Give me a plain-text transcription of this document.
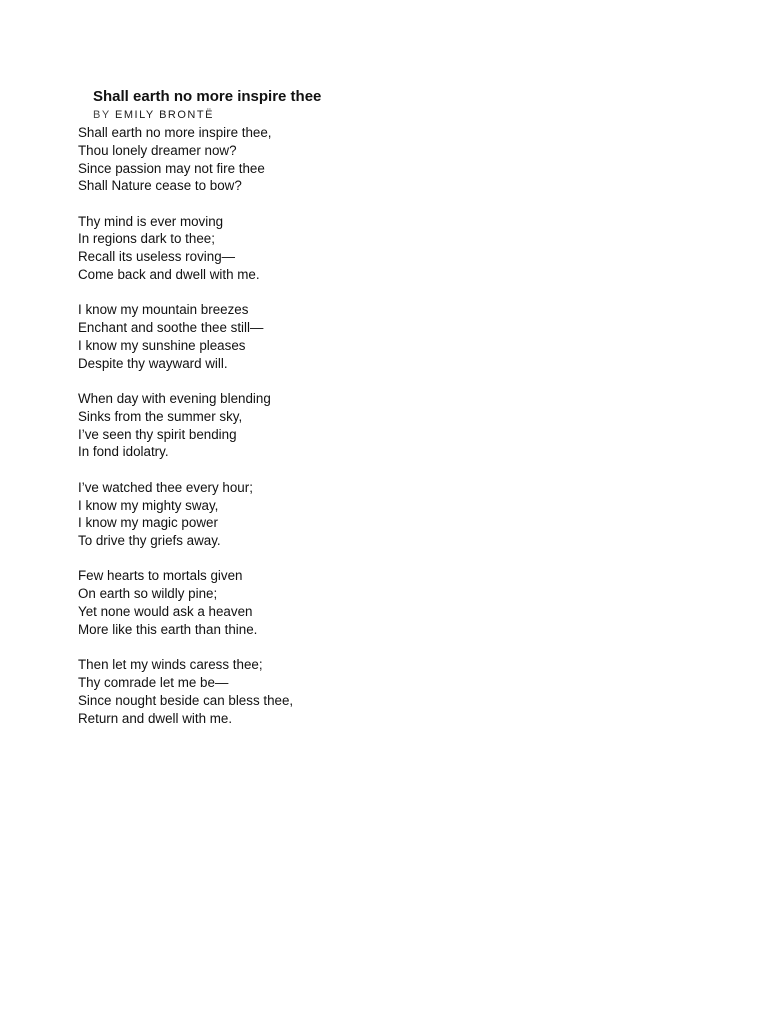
Shall earth no more inspire thee
BY EMILY BRONTË
Shall earth no more inspire thee,
Thou lonely dreamer now?
Since passion may not fire thee
Shall Nature cease to bow?
Thy mind is ever moving
In regions dark to thee;
Recall its useless roving—
Come back and dwell with me.
I know my mountain breezes
Enchant and soothe thee still—
I know my sunshine pleases
Despite thy wayward will.
When day with evening blending
Sinks from the summer sky,
I’ve seen thy spirit bending
In fond idolatry.
I’ve watched thee every hour;
I know my mighty sway,
I know my magic power
To drive thy griefs away.
Few hearts to mortals given
On earth so wildly pine;
Yet none would ask a heaven
More like this earth than thine.
Then let my winds caress thee;
Thy comrade let me be—
Since nought beside can bless thee,
Return and dwell with me.
